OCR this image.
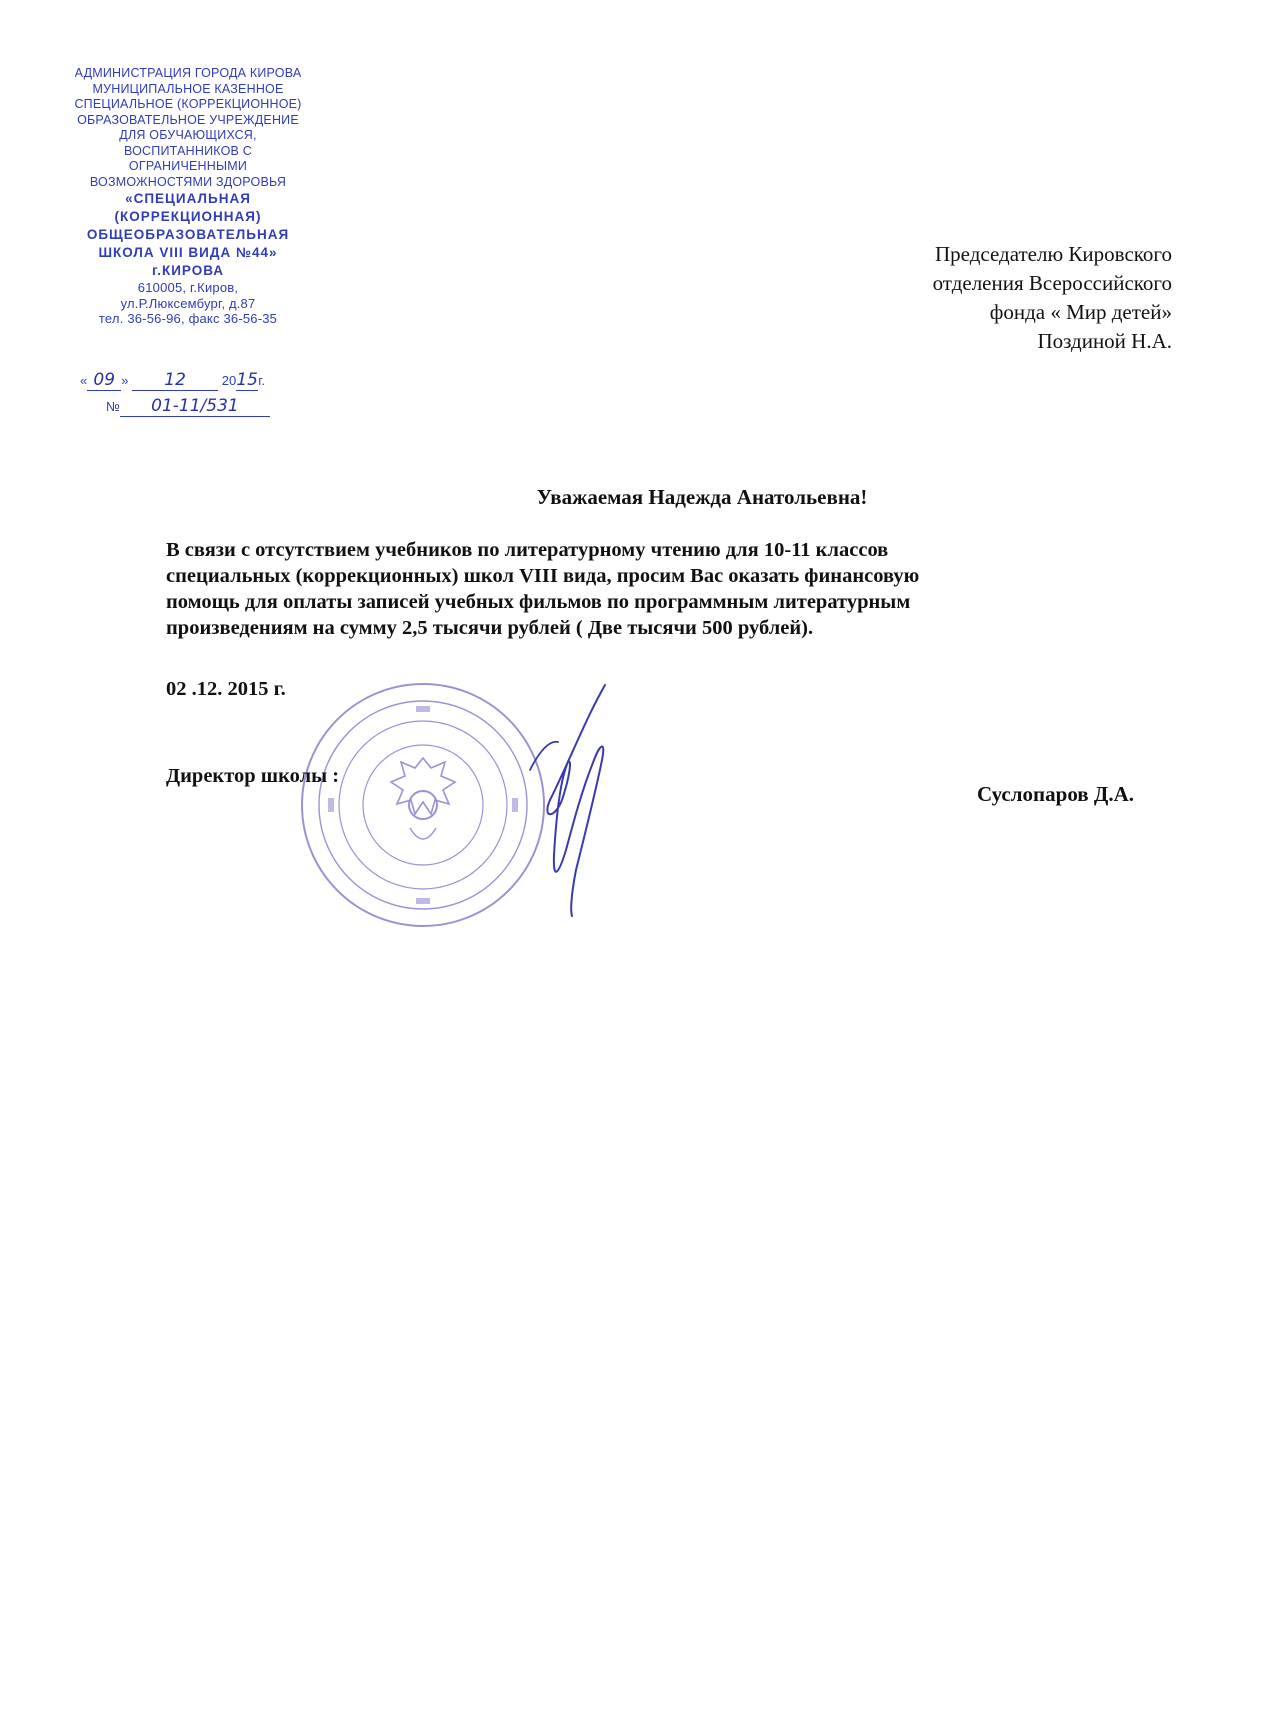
АДМИНИСТРАЦИЯ ГОРОДА КИРОВА
МУНИЦИПАЛЬНОЕ КАЗЕННОЕ
СПЕЦИАЛЬНОЕ (КОРРЕКЦИОННОЕ)
ОБРАЗОВАТЕЛЬНОЕ УЧРЕЖДЕНИЕ
ДЛЯ ОБУЧАЮЩИХСЯ,
ВОСПИТАННИКОВ С
ОГРАНИЧЕННЫМИ
ВОЗМОЖНОСТЯМИ ЗДОРОВЬЯ
«СПЕЦИАЛЬНАЯ
(КОРРЕКЦИОННАЯ)
ОБЩЕОБРАЗОВАТЕЛЬНАЯ
ШКОЛА VIII ВИДА №44»
г.КИРОВА
610005, г.Киров,
ул.Р.Люксембург, д.87
тел. 36-56-96, факс 36-56-35
« 09 » 12	2015г.
№ 01-11/531
Председателю Кировского
отделения Всероссийского
фонда « Мир детей»
Поздиной Н.А.
Уважаемая Надежда Анатольевна!
В связи с отсутствием учебников по литературному чтению для 10-11 классов
специальных (коррекционных) школ VIII вида, просим Вас оказать финансовую
помощь для оплаты записей учебных фильмов по программным литературным
произведениям на сумму 2,5 тысячи рублей ( Две тысячи 500 рублей).
02 .12. 2015 г.
Директор школы :
Суслопаров Д.А.
